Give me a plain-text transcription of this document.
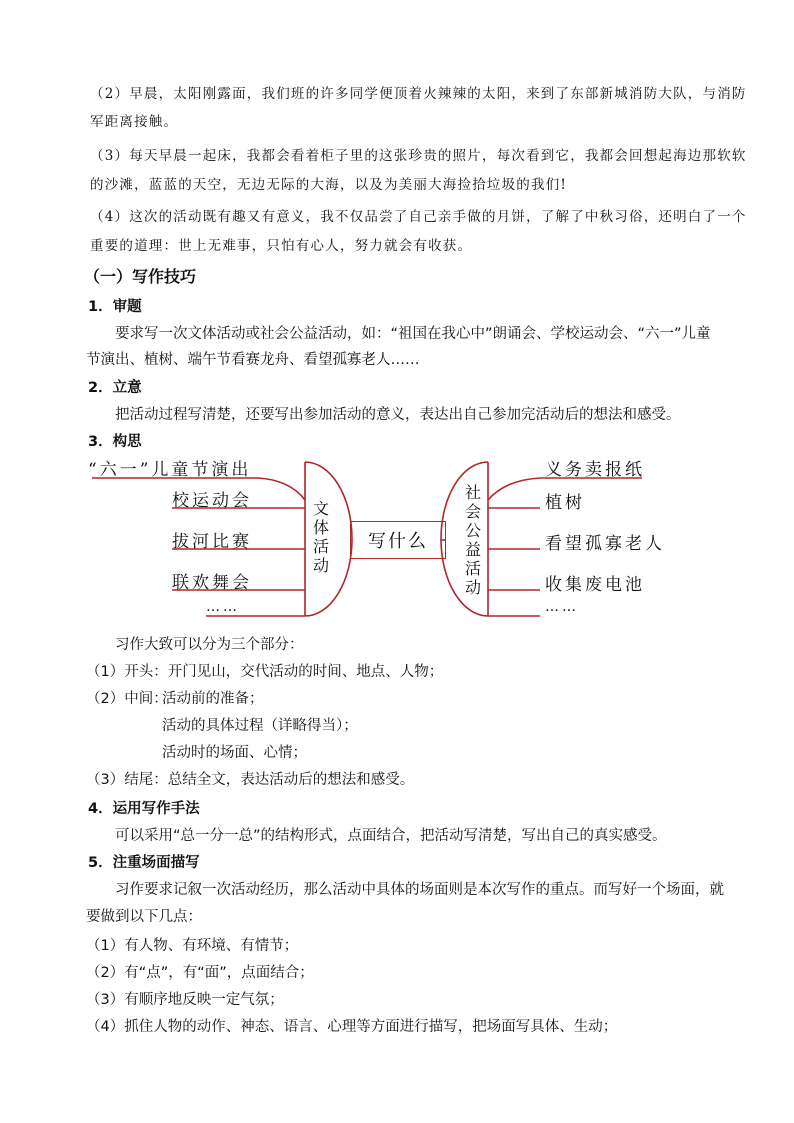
（2）早晨，太阳刚露面，我们班的许多同学便顶着火辣辣的太阳，来到了东部新城消防大队，与消防
军距离接触。
（3）每天早晨一起床，我都会看着柜子里的这张珍贵的照片，每次看到它，我都会回想起海边那软软
的沙滩，蓝蓝的天空，无边无际的大海，以及为美丽大海捡拾垃圾的我们!
（4）这次的活动既有趣又有意义，我不仅品尝了自己亲手做的月饼，了解了中秋习俗，还明白了一个
重要的道理：世上无难事，只怕有心人，努力就会有收获。
（一）写作技巧
1．审题
要求写一次文体活动或社会公益活动，如：“祖国在我心中”朗诵会、学校运动会、“六一”儿童
节演出、植树、端午节看赛龙舟、看望孤寡老人……
2．立意
把活动过程写清楚，还要写出参加活动的意义，表达出自己参加完活动后的想法和感受。
3．构思
“六一”儿童节演出
校运动会
拔河比赛
联欢舞会
……
文体活动
社会公益活动
写什么
义务卖报纸
植树
看望孤寡老人
收集废电池
……
习作大致可以分为三个部分：
（1）开头：开门见山，交代活动的时间、地点、人物；
（2）中间：
活动前的准备；
活动的具体过程（详略得当）；
活动时的场面、心情；
（3）结尾：总结全文，表达活动后的想法和感受。
4．运用写作手法
可以采用“总一分一总”的结构形式，点面结合，把活动写清楚，写出自己的真实感受。
5．注重场面描写
习作要求记叙一次活动经历，那么活动中具体的场面则是本次写作的重点。而写好一个场面，就
要做到以下几点：
（1）有人物、有环境、有情节；
（2）有“点”，有“面”，点面结合；
（3）有顺序地反映一定气氛；
（4）抓住人物的动作、神态、语言、心理等方面进行描写，把场面写具体、生动；
